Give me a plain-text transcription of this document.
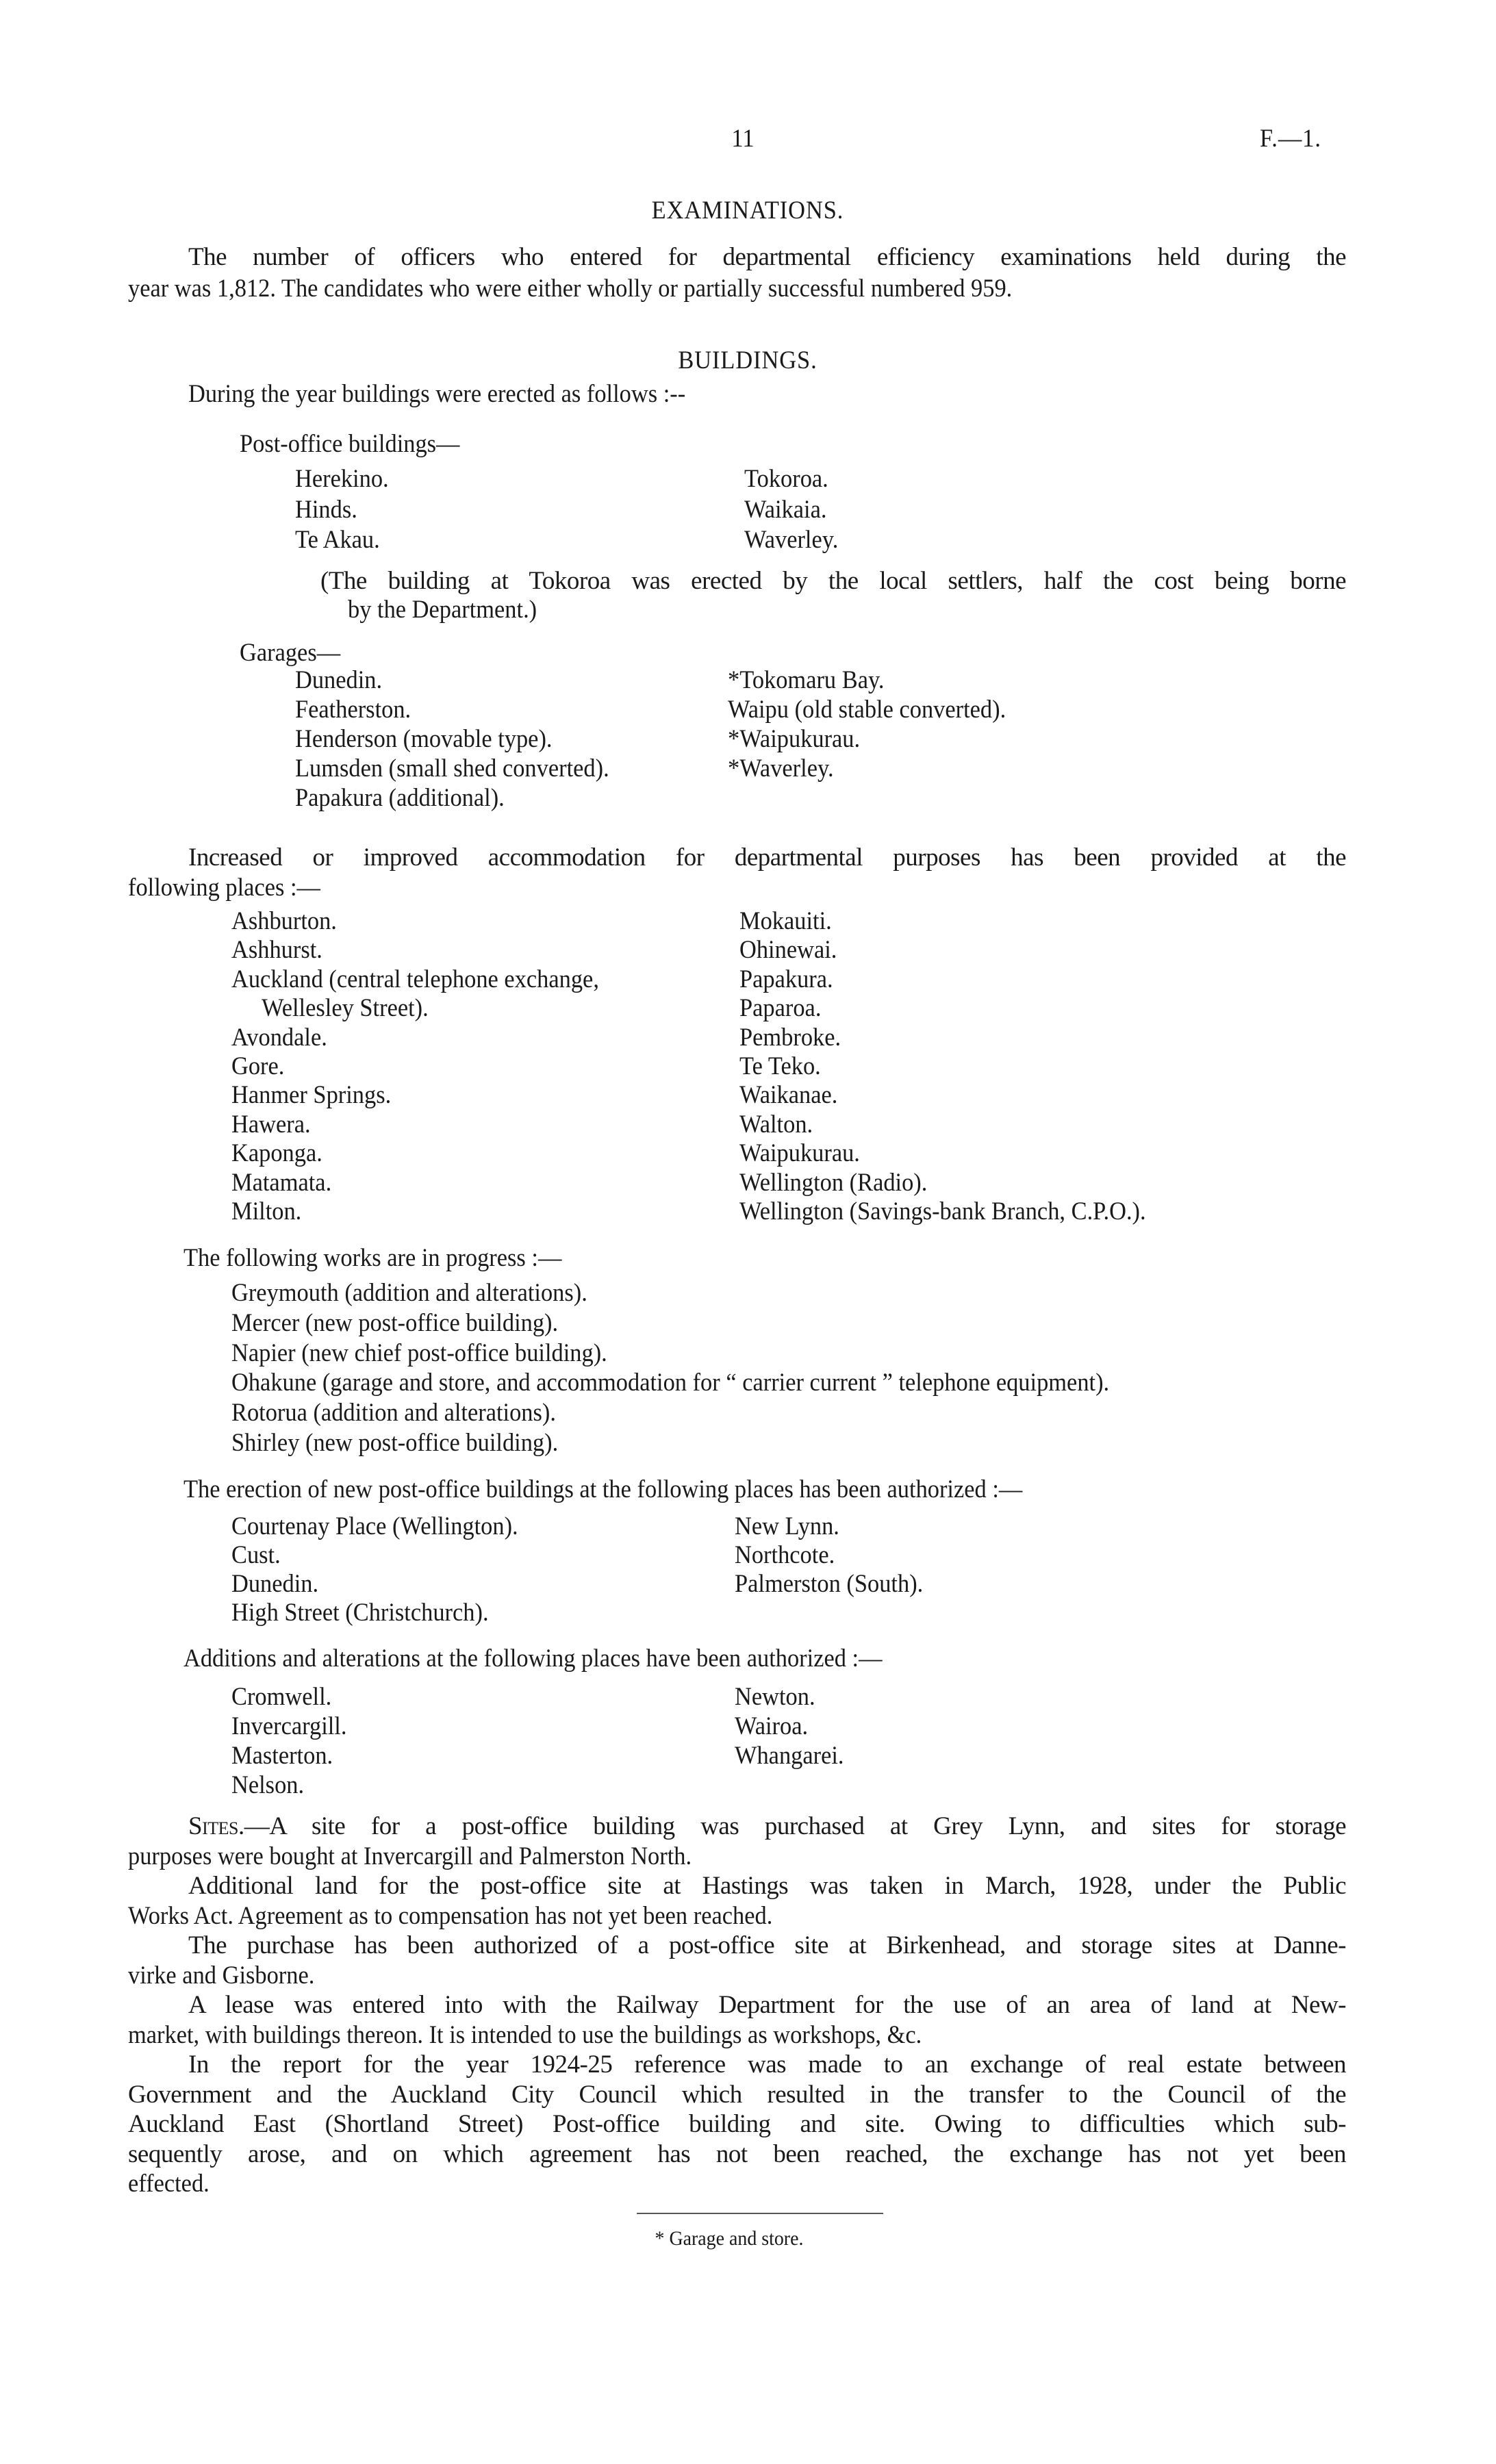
11	F.—1.
EXAMINATIONS.
The number of officers who entered for departmental efficiency examinations held during the
year was 1,812. The candidates who were either wholly or partially successful numbered 959.
BUILDINGS.
During the year buildings were erected as follows :--
Post-office buildings—
Herekino.
Hinds.
Te Akau.
Tokoroa.
Waikaia.
Waverley.
(The building at Tokoroa was erected by the local settlers, half the cost being borne
by the Department.)
Garages—
Dunedin.
Featherston.
Henderson (movable type).
Lumsden (small shed converted).
Papakura (additional).
*Tokomaru Bay.
Waipu (old stable converted).
*Waipukurau.
*Waverley.
Increased or improved accommodation for departmental purposes has been provided at the
following places :—
Ashburton.
Ashhurst.
Auckland (central telephone exchange,
Wellesley Street).
Avondale.
Gore.
Hanmer Springs.
Hawera.
Kaponga.
Matamata.
Milton.
Mokauiti.
Ohinewai.
Papakura.
Paparoa.
Pembroke.
Te Teko.
Waikanae.
Walton.
Waipukurau.
Wellington (Radio).
Wellington (Savings-bank Branch, C.P.O.).
The following works are in progress :—
Greymouth (addition and alterations).
Mercer (new post-office building).
Napier (new chief post-office building).
Ohakune (garage and store, and accommodation for “ carrier current ” telephone equipment).
Rotorua (addition and alterations).
Shirley (new post-office building).
The erection of new post-office buildings at the following places has been authorized :—
Courtenay Place (Wellington).
Cust.
Dunedin.
High Street (Christchurch).
New Lynn.
Northcote.
Palmerston (South).
Additions and alterations at the following places have been authorized :—
Cromwell.
Invercargill.
Masterton.
Nelson.
Newton.
Wairoa.
Whangarei.
Sites.—A site for a post-office building was purchased at Grey Lynn, and sites for storage
purposes were bought at Invercargill and Palmerston North.
Additional land for the post-office site at Hastings was taken in March, 1928, under the Public
Works Act. Agreement as to compensation has not yet been reached.
The purchase has been authorized of a post-office site at Birkenhead, and storage sites at Danne-
virke and Gisborne.
A lease was entered into with the Railway Department for the use of an area of land at New-
market, with buildings thereon. It is intended to use the buildings as workshops, &c.
In the report for the year 1924-25 reference was made to an exchange of real estate between
Government and the Auckland City Council which resulted in the transfer to the Council of the
Auckland East (Shortland Street) Post-office building and site. Owing to difficulties which sub-
sequently arose, and on which agreement has not been reached, the exchange has not yet been
effected.
* Garage and store.
